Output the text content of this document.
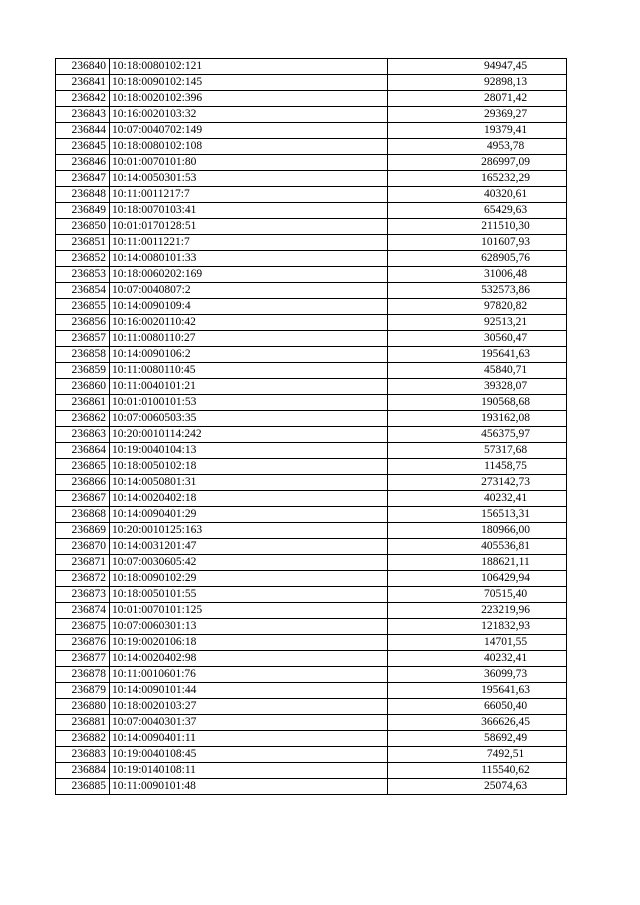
236840	10:18:0080102:121	94947,45
236841	10:18:0090102:145	92898,13
236842	10:18:0020102:396	28071,42
236843	10:16:0020103:32	29369,27
236844	10:07:0040702:149	19379,41
236845	10:18:0080102:108	4953,78
236846	10:01:0070101:80	286997,09
236847	10:14:0050301:53	165232,29
236848	10:11:0011217:7	40320,61
236849	10:18:0070103:41	65429,63
236850	10:01:0170128:51	211510,30
236851	10:11:0011221:7	101607,93
236852	10:14:0080101:33	628905,76
236853	10:18:0060202:169	31006,48
236854	10:07:0040807:2	532573,86
236855	10:14:0090109:4	97820,82
236856	10:16:0020110:42	92513,21
236857	10:11:0080110:27	30560,47
236858	10:14:0090106:2	195641,63
236859	10:11:0080110:45	45840,71
236860	10:11:0040101:21	39328,07
236861	10:01:0100101:53	190568,68
236862	10:07:0060503:35	193162,08
236863	10:20:0010114:242	456375,97
236864	10:19:0040104:13	57317,68
236865	10:18:0050102:18	11458,75
236866	10:14:0050801:31	273142,73
236867	10:14:0020402:18	40232,41
236868	10:14:0090401:29	156513,31
236869	10:20:0010125:163	180966,00
236870	10:14:0031201:47	405536,81
236871	10:07:0030605:42	188621,11
236872	10:18:0090102:29	106429,94
236873	10:18:0050101:55	70515,40
236874	10:01:0070101:125	223219,96
236875	10:07:0060301:13	121832,93
236876	10:19:0020106:18	14701,55
236877	10:14:0020402:98	40232,41
236878	10:11:0010601:76	36099,73
236879	10:14:0090101:44	195641,63
236880	10:18:0020103:27	66050,40
236881	10:07:0040301:37	366626,45
236882	10:14:0090401:11	58692,49
236883	10:19:0040108:45	7492,51
236884	10:19:0140108:11	115540,62
236885	10:11:0090101:48	25074,63
